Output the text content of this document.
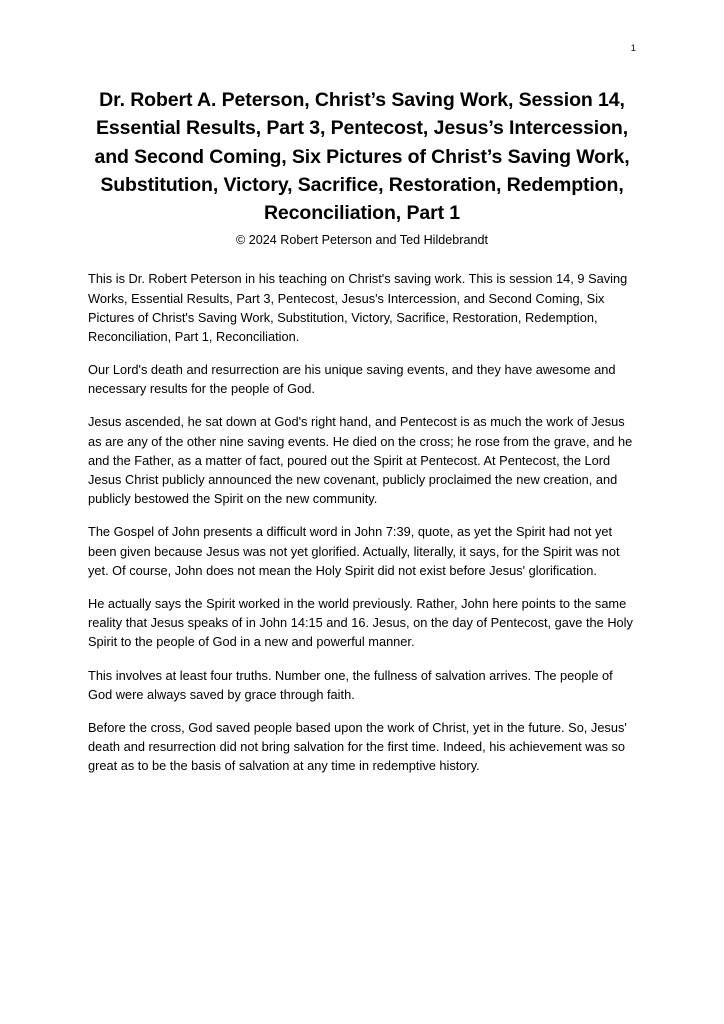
1
Dr. Robert A. Peterson, Christ’s Saving Work, Session 14, Essential Results, Part 3, Pentecost, Jesus’s Intercession, and Second Coming, Six Pictures of Christ’s Saving Work, Substitution, Victory, Sacrifice, Restoration, Redemption, Reconciliation, Part 1
© 2024 Robert Peterson and Ted Hildebrandt

This is Dr. Robert Peterson in his teaching on Christ's saving work. This is session 14, 9 Saving Works, Essential Results, Part 3, Pentecost, Jesus's Intercession, and Second Coming, Six Pictures of Christ's Saving Work, Substitution, Victory, Sacrifice, Restoration, Redemption, Reconciliation, Part 1, Reconciliation.

Our Lord's death and resurrection are his unique saving events, and they have awesome and necessary results for the people of God.

Jesus ascended, he sat down at God's right hand, and Pentecost is as much the work of Jesus as are any of the other nine saving events. He died on the cross; he rose from the grave, and he and the Father, as a matter of fact, poured out the Spirit at Pentecost. At Pentecost, the Lord Jesus Christ publicly announced the new covenant, publicly proclaimed the new creation, and publicly bestowed the Spirit on the new community.

The Gospel of John presents a difficult word in John 7:39, quote, as yet the Spirit had not yet been given because Jesus was not yet glorified. Actually, literally, it says, for the Spirit was not yet. Of course, John does not mean the Holy Spirit did not exist before Jesus' glorification.

He actually says the Spirit worked in the world previously. Rather, John here points to the same reality that Jesus speaks of in John 14:15 and 16. Jesus, on the day of Pentecost, gave the Holy Spirit to the people of God in a new and powerful manner.

This involves at least four truths. Number one, the fullness of salvation arrives. The people of God were always saved by grace through faith.

Before the cross, God saved people based upon the work of Christ, yet in the future. So, Jesus' death and resurrection did not bring salvation for the first time. Indeed, his achievement was so great as to be the basis of salvation at any time in redemptive history.
